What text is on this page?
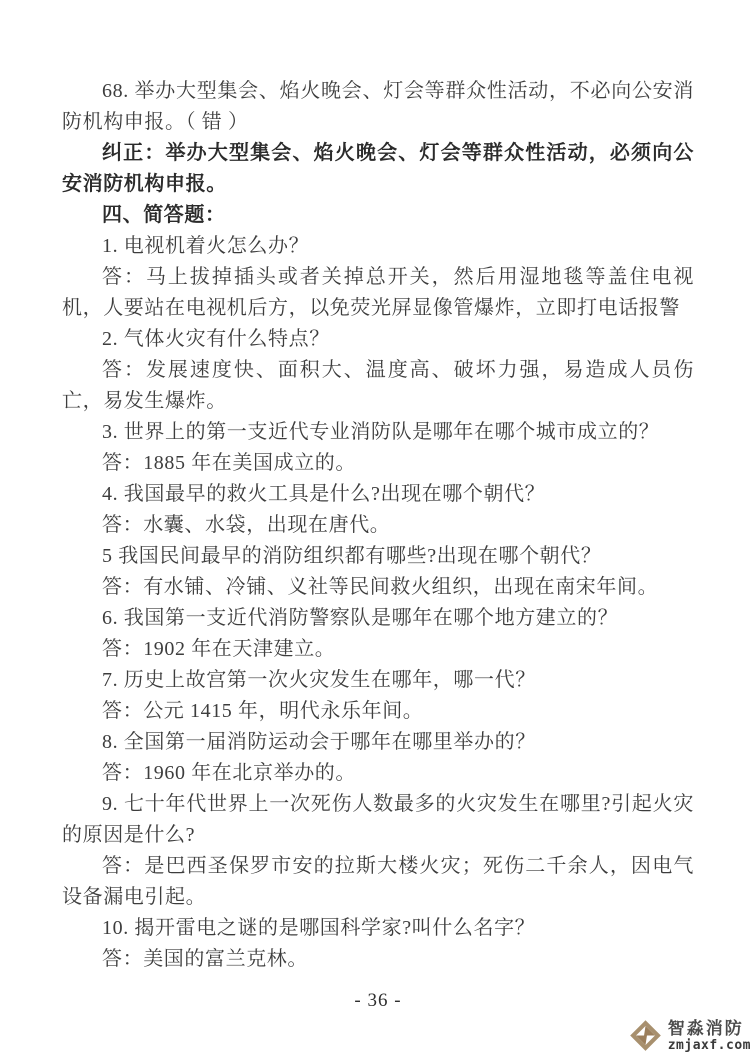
68. 举办大型集会、焰火晚会、灯会等群众性活动，不必向公安消防机构申报。（ 错 ）

纠正：举办大型集会、焰火晚会、灯会等群众性活动，必须向公安消防机构申报。

四、简答题：

1. 电视机着火怎么办？

答：马上拔掉插头或者关掉总开关，然后用湿地毯等盖住电视机，人要站在电视机后方，以免荧光屏显像管爆炸，立即打电话报警

2. 气体火灾有什么特点？

答：发展速度快、面积大、温度高、破坏力强，易造成人员伤亡，易发生爆炸。

3. 世界上的第一支近代专业消防队是哪年在哪个城市成立的？

答：1885 年在美国成立的。

4. 我国最早的救火工具是什么?出现在哪个朝代？

答：水囊、水袋，出现在唐代。

5 我国民间最早的消防组织都有哪些?出现在哪个朝代？

答：有水铺、冷铺、义社等民间救火组织，出现在南宋年间。

6. 我国第一支近代消防警察队是哪年在哪个地方建立的？

答：1902 年在天津建立。

7. 历史上故宫第一次火灾发生在哪年，哪一代？

答：公元 1415 年，明代永乐年间。

8. 全国第一届消防运动会于哪年在哪里举办的？

答：1960 年在北京举办的。

9. 七十年代世界上一次死伤人数最多的火灾发生在哪里?引起火灾的原因是什么?

答：是巴西圣保罗市安的拉斯大楼火灾；死伤二千余人，因电气设备漏电引起。

10. 揭开雷电之谜的是哪国科学家?叫什么名字？

答：美国的富兰克林。

- 36 -
智淼消防
zmjaxf.com
